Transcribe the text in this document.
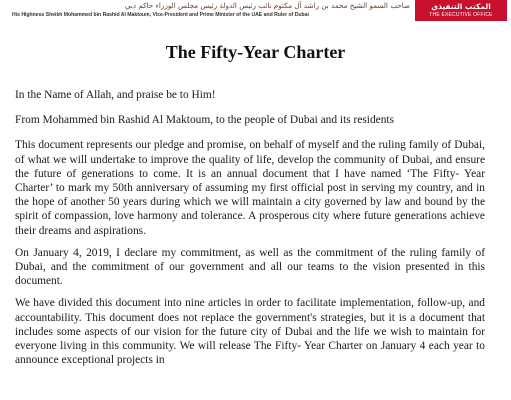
صاحب السمو الشيخ محمد بن راشد آل مكتوم نائب رئيس الدولة رئيس مجلس الوزراء حاكم دبي
His Highness Sheikh Mohammed bin Rashid Al Maktoum, Vice-President and Prime Minister of the UAE and Ruler of Dubai
المكتب التنفيذي
THE EXECUTIVE OFFICE
The Fifty-Year Charter

In the Name of Allah, and praise be to Him!

From Mohammed bin Rashid Al Maktoum, to the people of Dubai and its residents

This document represents our pledge and promise, on behalf of myself and the ruling family of Dubai, of what we will undertake to improve the quality of life, develop the community of Dubai, and ensure the future of generations to come. It is an annual document that I have named ‘The Fifty- Year Charter’ to mark my 50th anniversary of assuming my first official post in serving my country, and in the hope of another 50 years during which we will maintain a city governed by law and bound by the spirit of compassion, love harmony and tolerance. A prosperous city where future generations achieve their dreams and aspirations.

On January 4, 2019, I declare my commitment, as well as the commitment of the ruling family of Dubai, and the commitment of our government and all our teams to the vision presented in this document.

We have divided this document into nine articles in order to facilitate implementation, follow-up, and accountability. This document does not replace the government's strategies, but it is a document that includes some aspects of our vision for the future city of Dubai and the life we wish to maintain for everyone living in this community. We will release The Fifty- Year Charter on January 4 each year to announce exceptional projects in
